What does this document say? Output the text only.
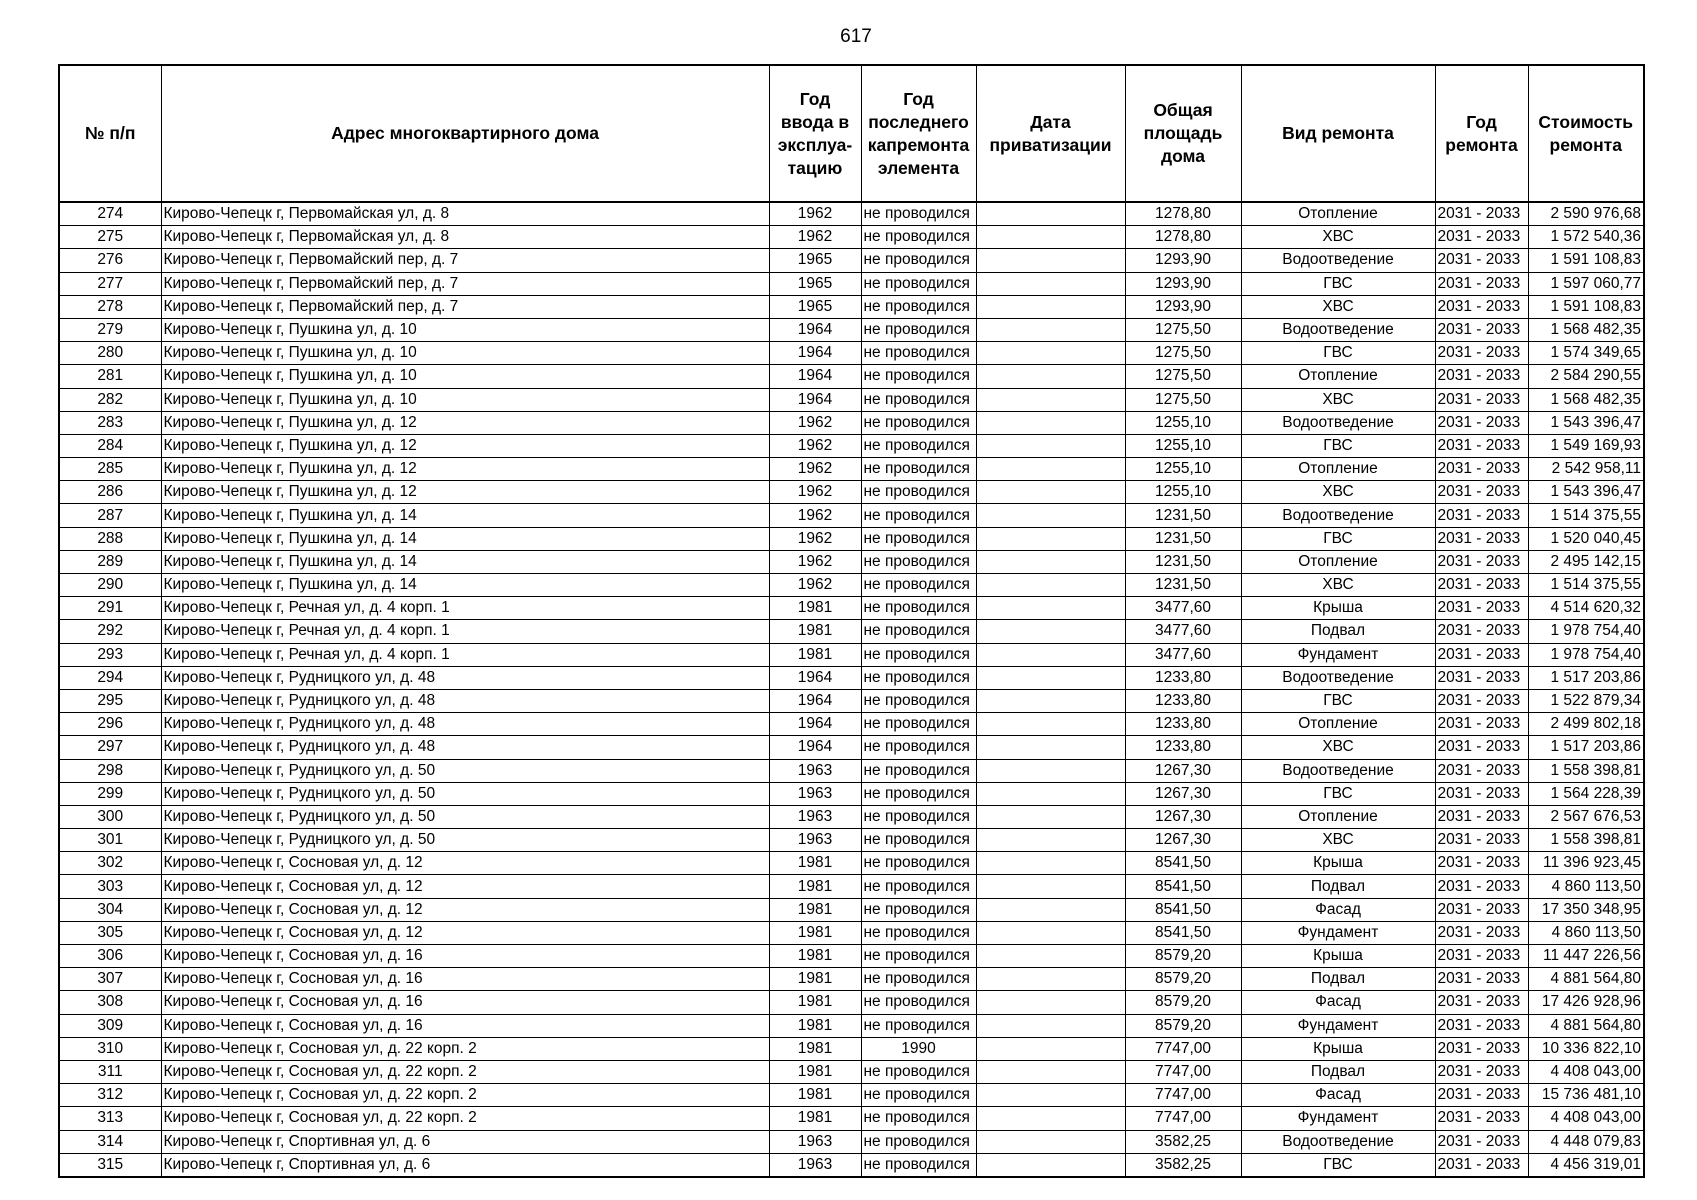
617
№ п/п	Адрес многоквартирного дома	Год ввода в эксплуа-тацию	Год последнего капремонта элемента	Дата приватизации	Общая площадь дома	Вид ремонта	Год ремонта	Стоимость ремонта
274	Кирово-Чепецк г, Первомайская ул, д. 8	1962	не проводился		1278,80	Отопление	2031 - 2033	2 590 976,68
275	Кирово-Чепецк г, Первомайская ул, д. 8	1962	не проводился		1278,80	ХВС	2031 - 2033	1 572 540,36
276	Кирово-Чепецк г, Первомайский пер, д. 7	1965	не проводился		1293,90	Водоотведение	2031 - 2033	1 591 108,83
277	Кирово-Чепецк г, Первомайский пер, д. 7	1965	не проводился		1293,90	ГВС	2031 - 2033	1 597 060,77
278	Кирово-Чепецк г, Первомайский пер, д. 7	1965	не проводился		1293,90	ХВС	2031 - 2033	1 591 108,83
279	Кирово-Чепецк г, Пушкина ул, д. 10	1964	не проводился		1275,50	Водоотведение	2031 - 2033	1 568 482,35
280	Кирово-Чепецк г, Пушкина ул, д. 10	1964	не проводился		1275,50	ГВС	2031 - 2033	1 574 349,65
281	Кирово-Чепецк г, Пушкина ул, д. 10	1964	не проводился		1275,50	Отопление	2031 - 2033	2 584 290,55
282	Кирово-Чепецк г, Пушкина ул, д. 10	1964	не проводился		1275,50	ХВС	2031 - 2033	1 568 482,35
283	Кирово-Чепецк г, Пушкина ул, д. 12	1962	не проводился		1255,10	Водоотведение	2031 - 2033	1 543 396,47
284	Кирово-Чепецк г, Пушкина ул, д. 12	1962	не проводился		1255,10	ГВС	2031 - 2033	1 549 169,93
285	Кирово-Чепецк г, Пушкина ул, д. 12	1962	не проводился		1255,10	Отопление	2031 - 2033	2 542 958,11
286	Кирово-Чепецк г, Пушкина ул, д. 12	1962	не проводился		1255,10	ХВС	2031 - 2033	1 543 396,47
287	Кирово-Чепецк г, Пушкина ул, д. 14	1962	не проводился		1231,50	Водоотведение	2031 - 2033	1 514 375,55
288	Кирово-Чепецк г, Пушкина ул, д. 14	1962	не проводился		1231,50	ГВС	2031 - 2033	1 520 040,45
289	Кирово-Чепецк г, Пушкина ул, д. 14	1962	не проводился		1231,50	Отопление	2031 - 2033	2 495 142,15
290	Кирово-Чепецк г, Пушкина ул, д. 14	1962	не проводился		1231,50	ХВС	2031 - 2033	1 514 375,55
291	Кирово-Чепецк г, Речная ул, д. 4 корп. 1	1981	не проводился		3477,60	Крыша	2031 - 2033	4 514 620,32
292	Кирово-Чепецк г, Речная ул, д. 4 корп. 1	1981	не проводился		3477,60	Подвал	2031 - 2033	1 978 754,40
293	Кирово-Чепецк г, Речная ул, д. 4 корп. 1	1981	не проводился		3477,60	Фундамент	2031 - 2033	1 978 754,40
294	Кирово-Чепецк г, Рудницкого ул, д. 48	1964	не проводился		1233,80	Водоотведение	2031 - 2033	1 517 203,86
295	Кирово-Чепецк г, Рудницкого ул, д. 48	1964	не проводился		1233,80	ГВС	2031 - 2033	1 522 879,34
296	Кирово-Чепецк г, Рудницкого ул, д. 48	1964	не проводился		1233,80	Отопление	2031 - 2033	2 499 802,18
297	Кирово-Чепецк г, Рудницкого ул, д. 48	1964	не проводился		1233,80	ХВС	2031 - 2033	1 517 203,86
298	Кирово-Чепецк г, Рудницкого ул, д. 50	1963	не проводился		1267,30	Водоотведение	2031 - 2033	1 558 398,81
299	Кирово-Чепецк г, Рудницкого ул, д. 50	1963	не проводился		1267,30	ГВС	2031 - 2033	1 564 228,39
300	Кирово-Чепецк г, Рудницкого ул, д. 50	1963	не проводился		1267,30	Отопление	2031 - 2033	2 567 676,53
301	Кирово-Чепецк г, Рудницкого ул, д. 50	1963	не проводился		1267,30	ХВС	2031 - 2033	1 558 398,81
302	Кирово-Чепецк г, Сосновая ул, д. 12	1981	не проводился		8541,50	Крыша	2031 - 2033	11 396 923,45
303	Кирово-Чепецк г, Сосновая ул, д. 12	1981	не проводился		8541,50	Подвал	2031 - 2033	4 860 113,50
304	Кирово-Чепецк г, Сосновая ул, д. 12	1981	не проводился		8541,50	Фасад	2031 - 2033	17 350 348,95
305	Кирово-Чепецк г, Сосновая ул, д. 12	1981	не проводился		8541,50	Фундамент	2031 - 2033	4 860 113,50
306	Кирово-Чепецк г, Сосновая ул, д. 16	1981	не проводился		8579,20	Крыша	2031 - 2033	11 447 226,56
307	Кирово-Чепецк г, Сосновая ул, д. 16	1981	не проводился		8579,20	Подвал	2031 - 2033	4 881 564,80
308	Кирово-Чепецк г, Сосновая ул, д. 16	1981	не проводился		8579,20	Фасад	2031 - 2033	17 426 928,96
309	Кирово-Чепецк г, Сосновая ул, д. 16	1981	не проводился		8579,20	Фундамент	2031 - 2033	4 881 564,80
310	Кирово-Чепецк г, Сосновая ул, д. 22 корп. 2	1981	1990		7747,00	Крыша	2031 - 2033	10 336 822,10
311	Кирово-Чепецк г, Сосновая ул, д. 22 корп. 2	1981	не проводился		7747,00	Подвал	2031 - 2033	4 408 043,00
312	Кирово-Чепецк г, Сосновая ул, д. 22 корп. 2	1981	не проводился		7747,00	Фасад	2031 - 2033	15 736 481,10
313	Кирово-Чепецк г, Сосновая ул, д. 22 корп. 2	1981	не проводился		7747,00	Фундамент	2031 - 2033	4 408 043,00
314	Кирово-Чепецк г, Спортивная ул, д. 6	1963	не проводился		3582,25	Водоотведение	2031 - 2033	4 448 079,83
315	Кирово-Чепецк г, Спортивная ул, д. 6	1963	не проводился		3582,25	ГВС	2031 - 2033	4 456 319,01
